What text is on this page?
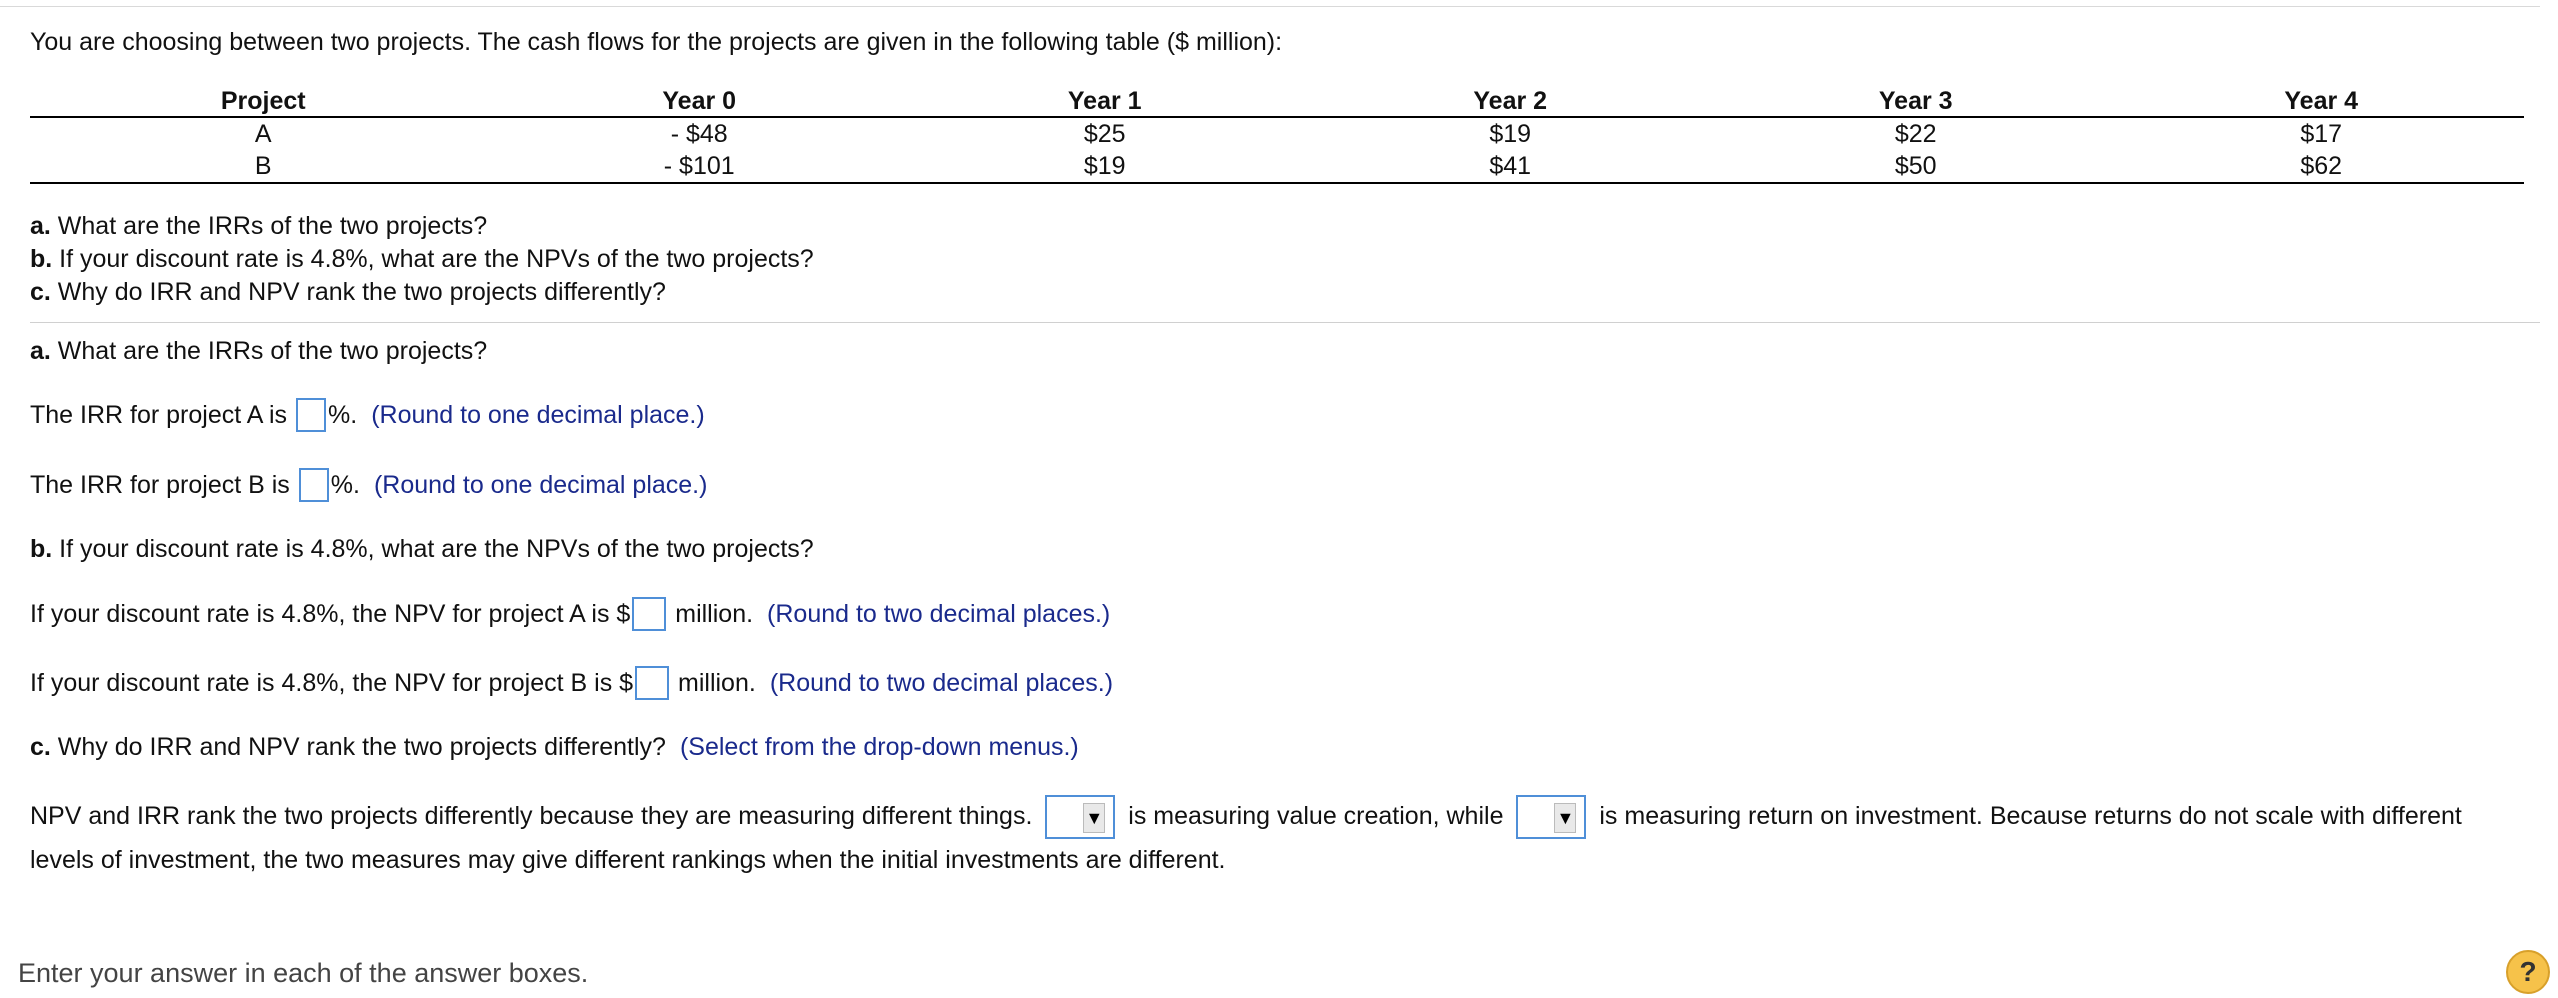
You are choosing between two projects. The cash flows for the projects are given in the following table ($ million):
Project	Year 0	Year 1	Year 2	Year 3	Year 4
A	- $48	$25	$19	$22	$17
B	- $101	$19	$41	$50	$62
a. What are the IRRs of the two projects?
b. If your discount rate is 4.8%, what are the NPVs of the two projects?
c. Why do IRR and NPV rank the two projects differently?
a. What are the IRRs of the two projects?
The IRR for project A is %. (Round to one decimal place.)
The IRR for project B is %. (Round to one decimal place.)
b. If your discount rate is 4.8%, what are the NPVs of the two projects?
If your discount rate is 4.8%, the NPV for project A is $ million. (Round to two decimal places.)
If your discount rate is 4.8%, the NPV for project B is $ million. (Round to two decimal places.)
c. Why do IRR and NPV rank the two projects differently? (Select from the drop-down menus.)
NPV and IRR rank the two projects differently because they are measuring different things.	▼ is measuring value creation, while	▼ is measuring return on investment. Because returns do not scale with different levels of investment, the two measures may give different rankings when the initial investments are different.
Enter your answer in each of the answer boxes.	?
